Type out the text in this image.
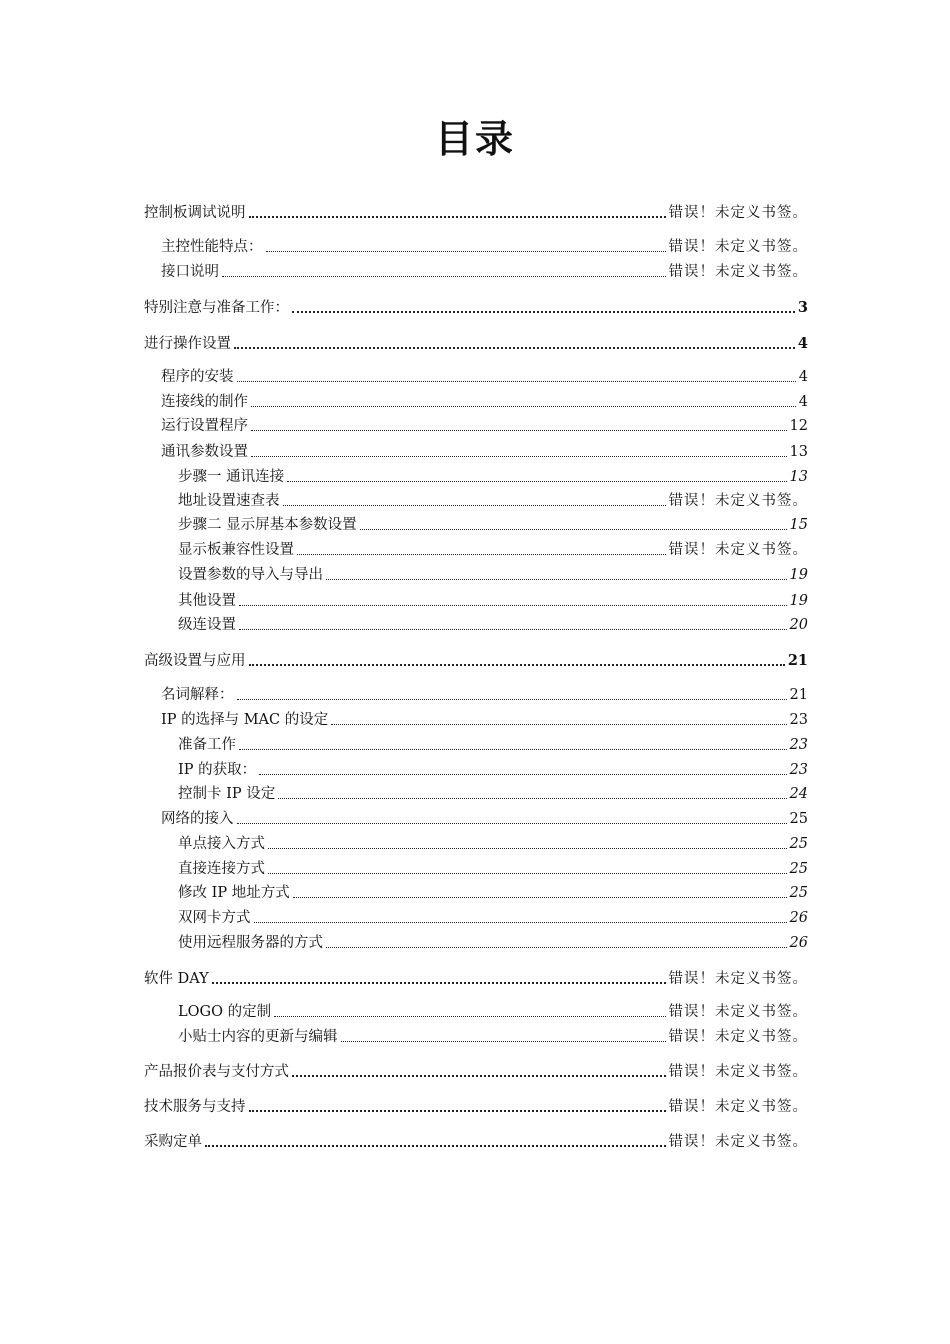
目录
控制板调试说明	错误！未定义书签。
主控性能特点：	错误！未定义书签。
接口说明	错误！未定义书签。
特别注意与准备工作：	3
进行操作设置	4
程序的安装	4
连接线的制作	4
运行设置程序	12
通讯参数设置	13
步骤一 通讯连接	13
地址设置速查表	错误！未定义书签。
步骤二 显示屏基本参数设置	15
显示板兼容性设置	错误！未定义书签。
设置参数的导入与导出	19
其他设置	19
级连设置	20
高级设置与应用	21
名词解释：	21
IP 的选择与 MAC 的设定	23
准备工作	23
IP 的获取：	23
控制卡 IP 设定	24
网络的接入	25
单点接入方式	25
直接连接方式	25
修改 IP 地址方式	25
双网卡方式	26
使用远程服务器的方式	26
软件 DAY	错误！未定义书签。
LOGO 的定制	错误！未定义书签。
小贴士内容的更新与编辑	错误！未定义书签。
产品报价表与支付方式	错误！未定义书签。
技术服务与支持	错误！未定义书签。
采购定单	错误！未定义书签。
